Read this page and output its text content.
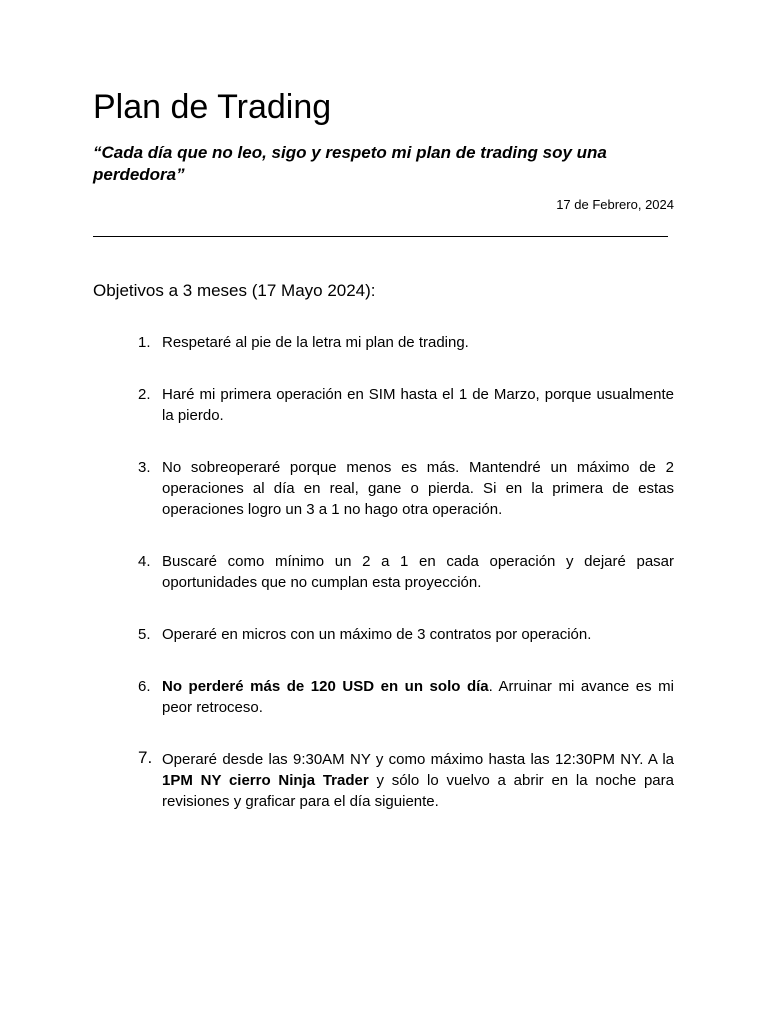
Plan de Trading

“Cada día que no leo, sigo y respeto mi plan de trading soy una perdedora”

17 de Febrero, 2024

Objetivos a 3 meses (17 Mayo 2024):

1. Respetaré al pie de la letra mi plan de trading.
2. Haré mi primera operación en SIM hasta el 1 de Marzo, porque usualmente la pierdo.
3. No sobreoperaré porque menos es más. Mantendré un máximo de 2 operaciones al día en real, gane o pierda. Si en la primera de estas operaciones logro un 3 a 1 no hago otra operación.
4. Buscaré como mínimo un 2 a 1 en cada operación y dejaré pasar oportunidades que no cumplan esta proyección.
5. Operaré en micros con un máximo de 3 contratos por operación.
6. No perderé más de 120 USD en un solo día. Arruinar mi avance es mi peor retroceso.
7. Operaré desde las 9:30AM NY y como máximo hasta las 12:30PM NY. A la 1PM NY cierro Ninja Trader y sólo lo vuelvo a abrir en la noche para revisiones y graficar para el día siguiente.
